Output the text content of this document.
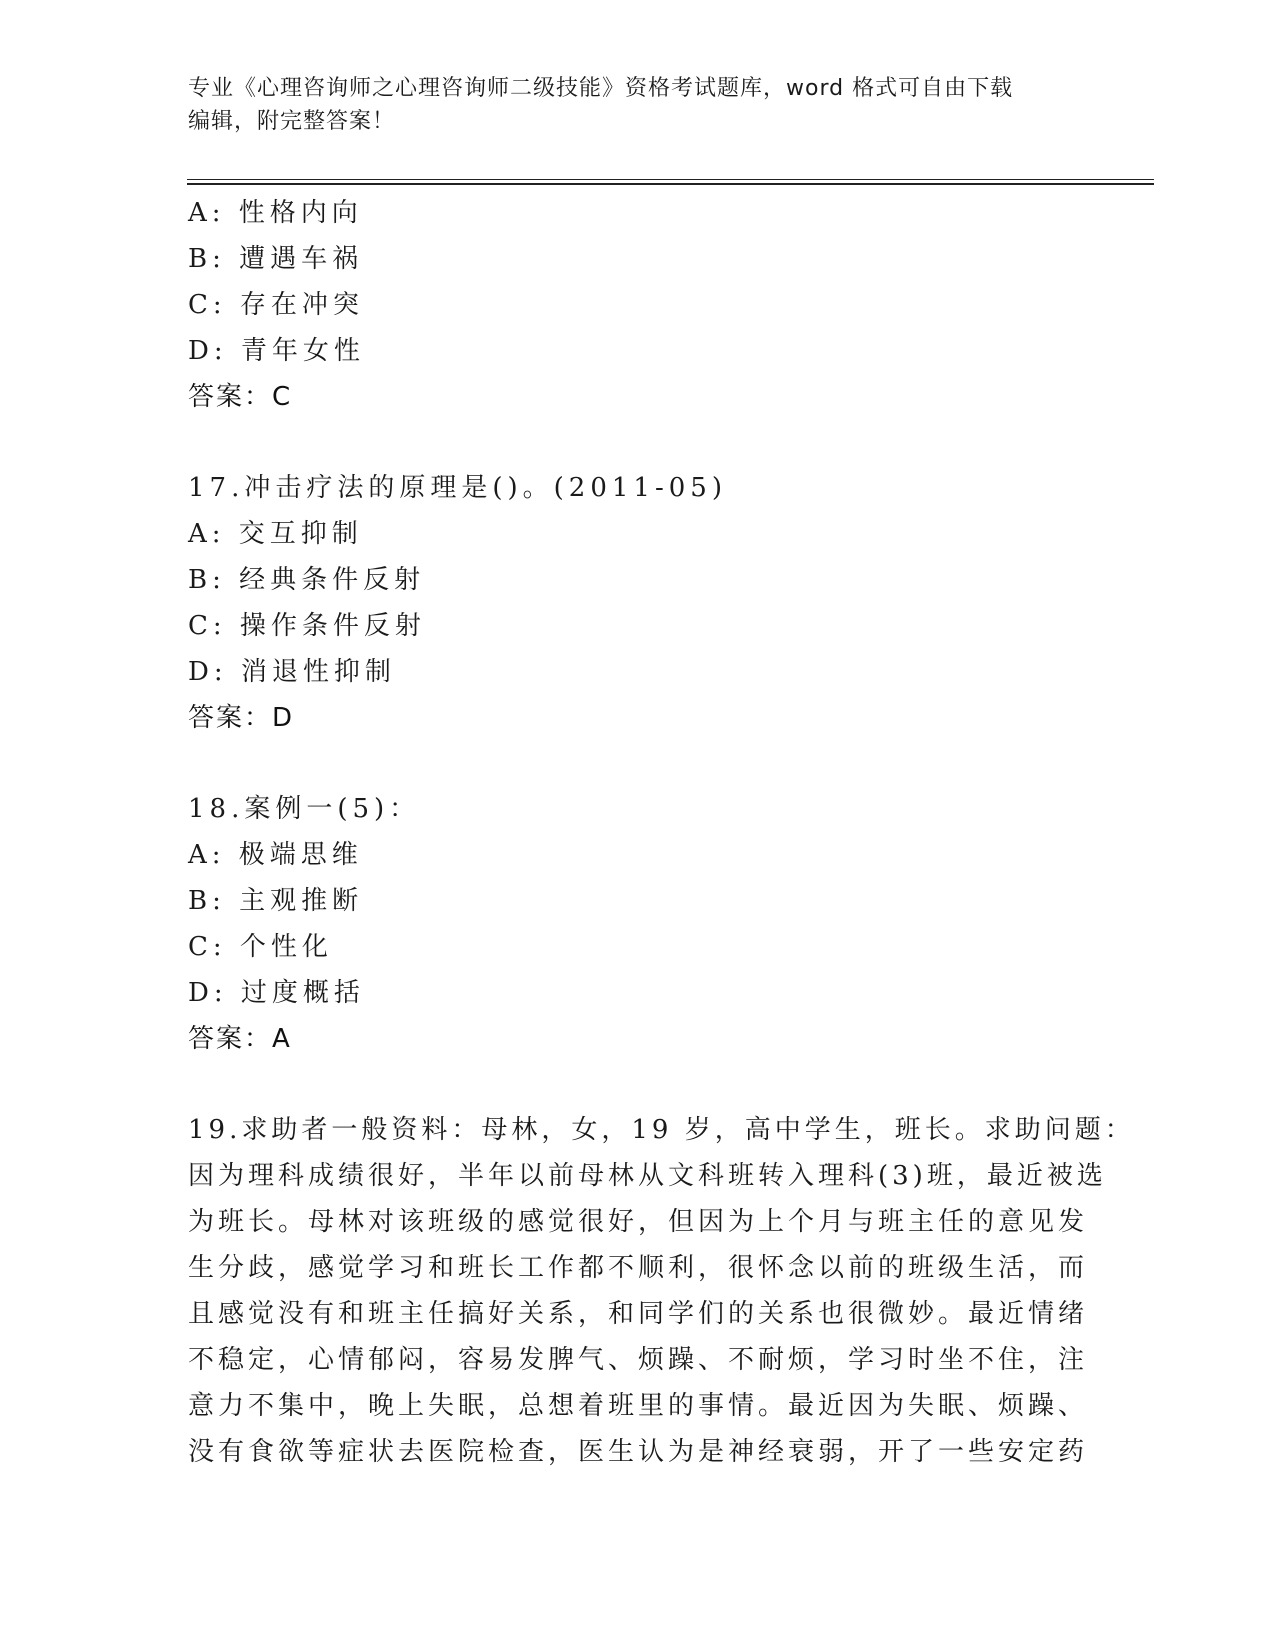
专业《心理咨询师之心理咨询师二级技能》资格考试题库，word 格式可自由下载
编辑，附完整答案！
A: 性格内向
B: 遭遇车祸
C: 存在冲突
D: 青年女性
答案：C
17.冲击疗法的原理是()。(2011-05)
A: 交互抑制
B: 经典条件反射
C: 操作条件反射
D: 消退性抑制
答案：D
18.案例一(5)：
A: 极端思维
B: 主观推断
C: 个性化
D: 过度概括
答案：A
19.求助者一般资料：母林，女，19 岁，高中学生，班长。求助问题：
因为理科成绩很好，半年以前母林从文科班转入理科(3)班，最近被选
为班长。母林对该班级的感觉很好，但因为上个月与班主任的意见发
生分歧，感觉学习和班长工作都不顺利，很怀念以前的班级生活，而
且感觉没有和班主任搞好关系，和同学们的关系也很微妙。最近情绪
不稳定，心情郁闷，容易发脾气、烦躁、不耐烦，学习时坐不住，注
意力不集中，晚上失眠，总想着班里的事情。最近因为失眠、烦躁、
没有食欲等症状去医院检查，医生认为是神经衰弱，开了一些安定药
